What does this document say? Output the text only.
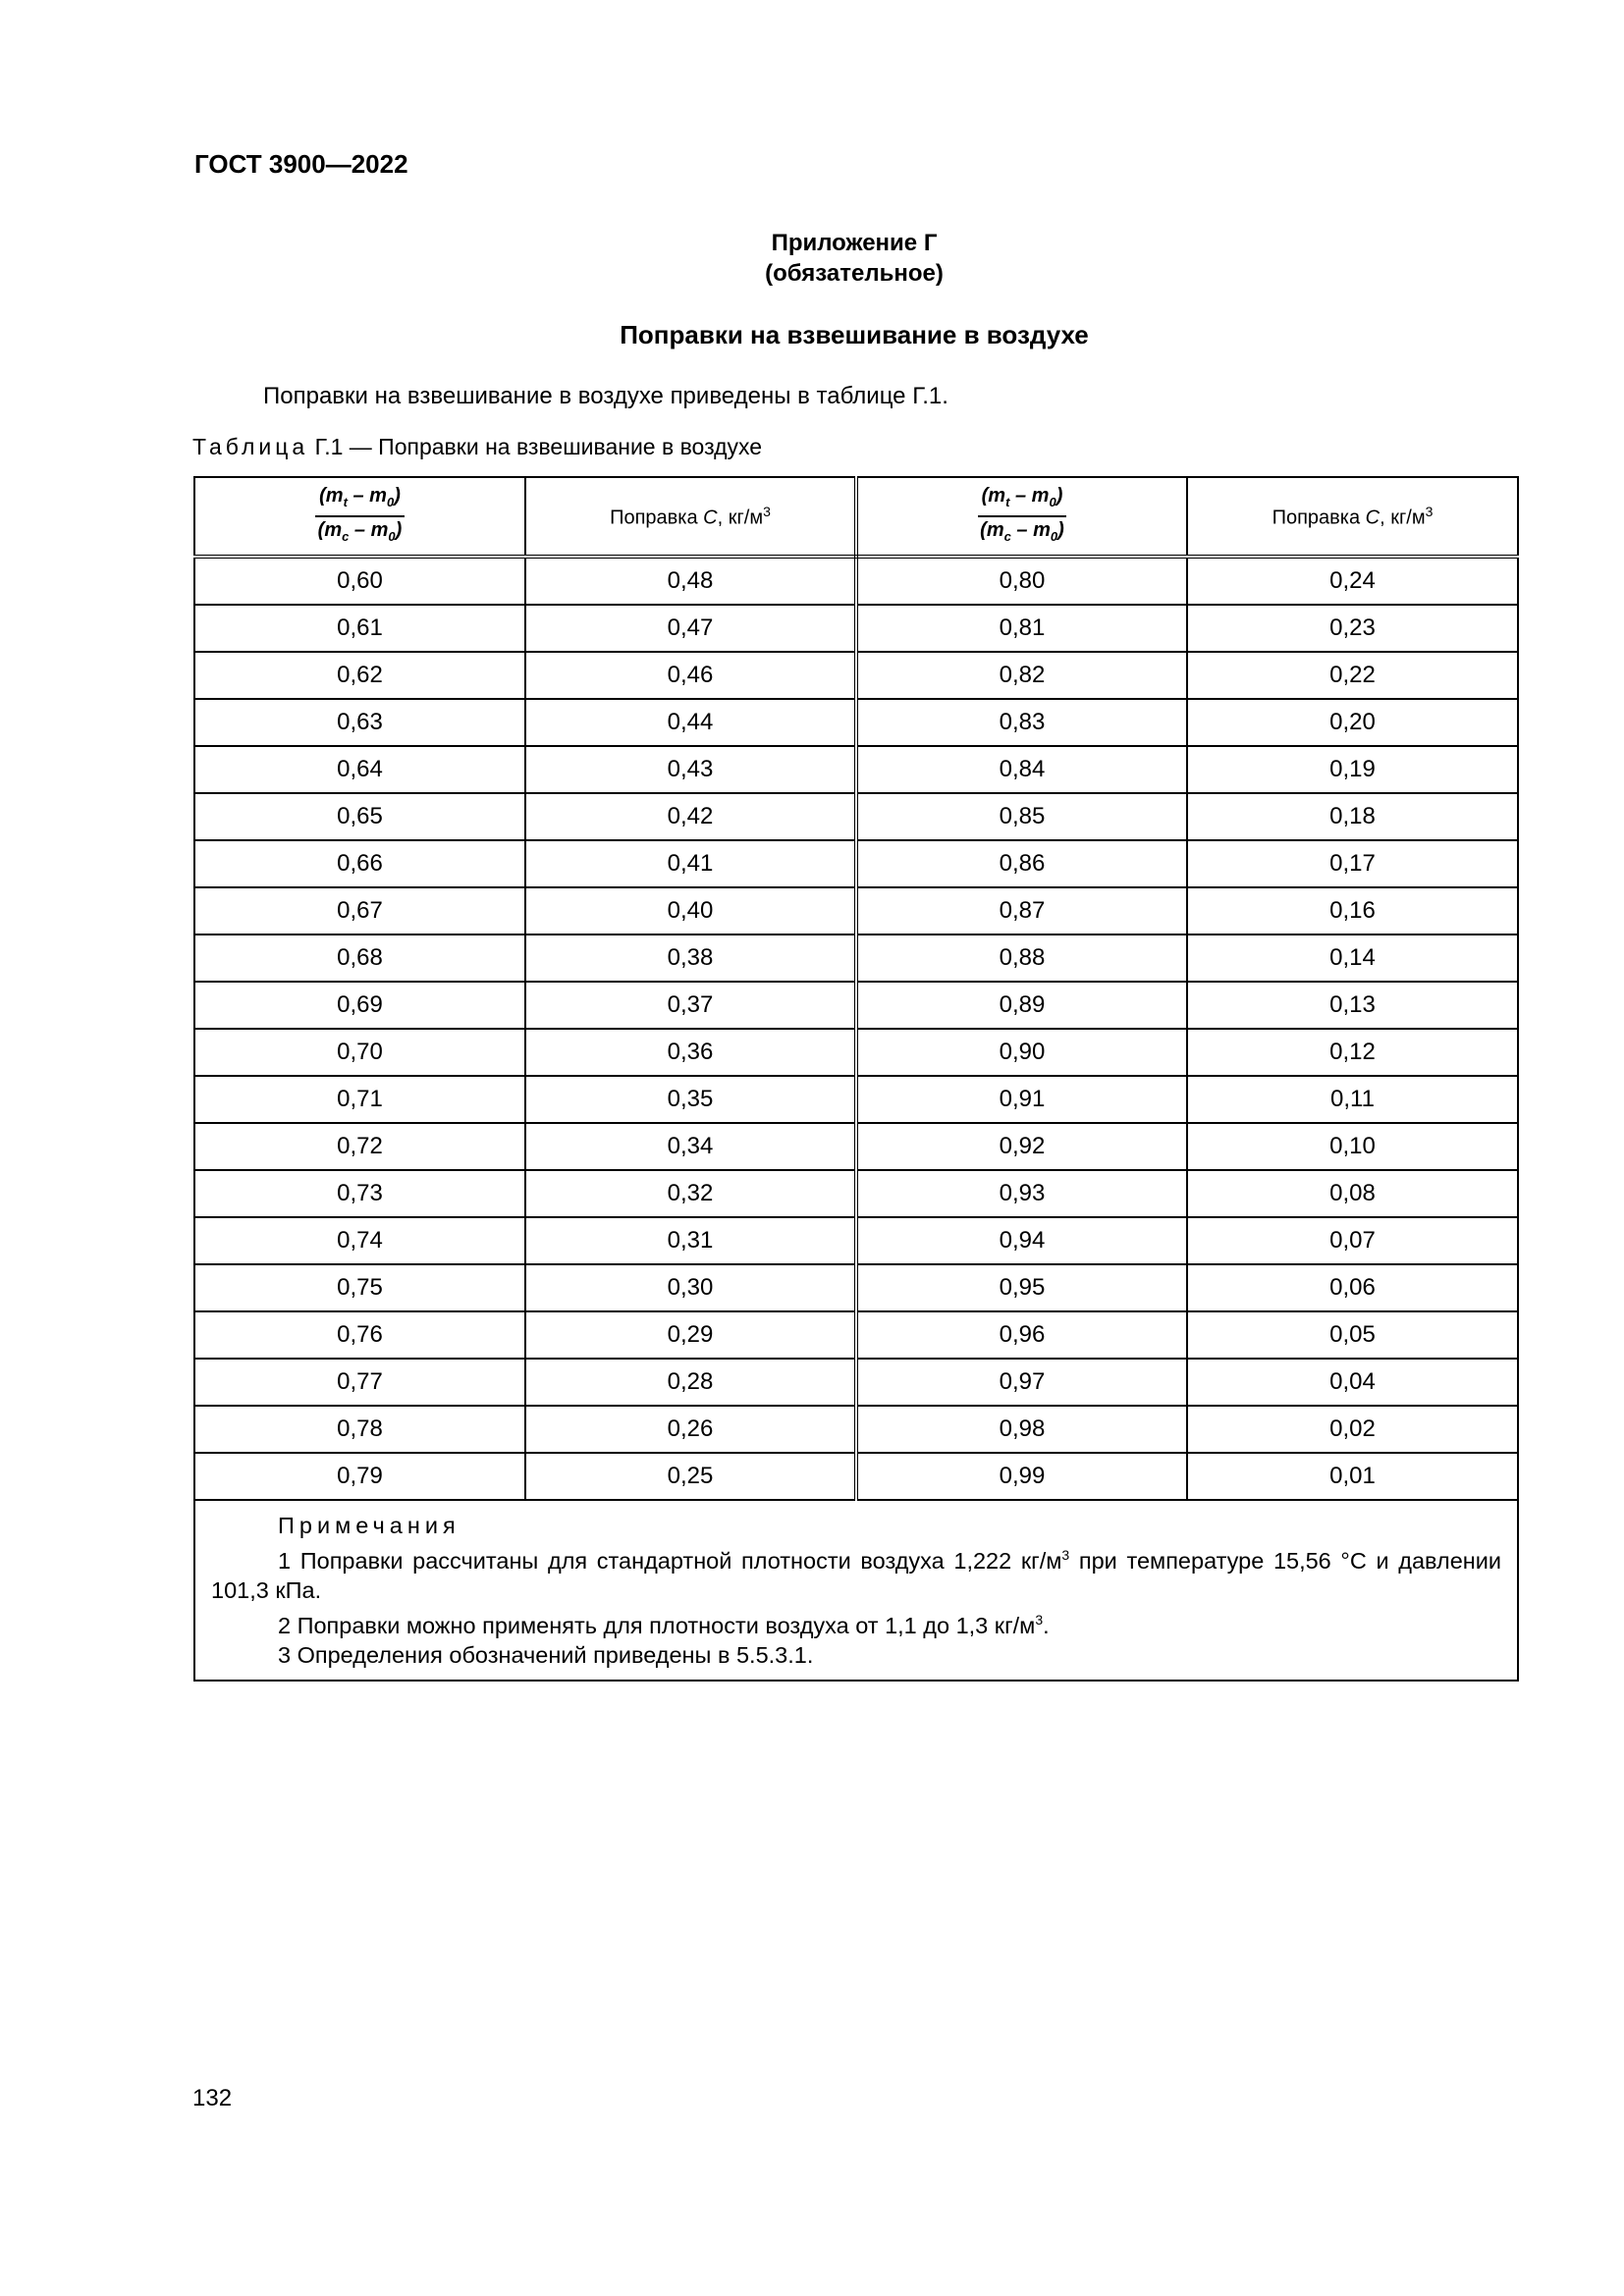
ГОСТ 3900—2022
Приложение Г
(обязательное)
Поправки на взвешивание в воздухе
Поправки на взвешивание в воздухе приведены в таблице Г.1.
Таблица Г.1 — Поправки на взвешивание в воздухе
$\frac{(m_t - m_0)}{(m_c - m_0)}$	Поправка C, $кг/м^3$	$\frac{(m_t - m_0)}{(m_c - m_0)}$	Поправка C, $кг/м^3$
0,60	0,48	0,80	0,24
0,61	0,47	0,81	0,23
0,62	0,46	0,82	0,22
0,63	0,44	0,83	0,20
0,64	0,43	0,84	0,19
0,65	0,42	0,85	0,18
0,66	0,41	0,86	0,17
0,67	0,40	0,87	0,16
0,68	0,38	0,88	0,14
0,69	0,37	0,89	0,13
0,70	0,36	0,90	0,12
0,71	0,35	0,91	0,11
0,72	0,34	0,92	0,10
0,73	0,32	0,93	0,08
0,74	0,31	0,94	0,07
0,75	0,30	0,95	0,06
0,76	0,29	0,96	0,05
0,77	0,28	0,97	0,04
0,78	0,26	0,98	0,02
0,79	0,25	0,99	0,01

Примечания
1 Поправки рассчитаны для стандартной плотности воздуха 1,222 $кг/м^3$ при температуре 15,56 °С и давлении 101,3 кПа.
2 Поправки можно применять для плотности воздуха от 1,1 до 1,3 $кг/м^3$.
3 Определения обозначений приведены в 5.5.3.1.			
132
